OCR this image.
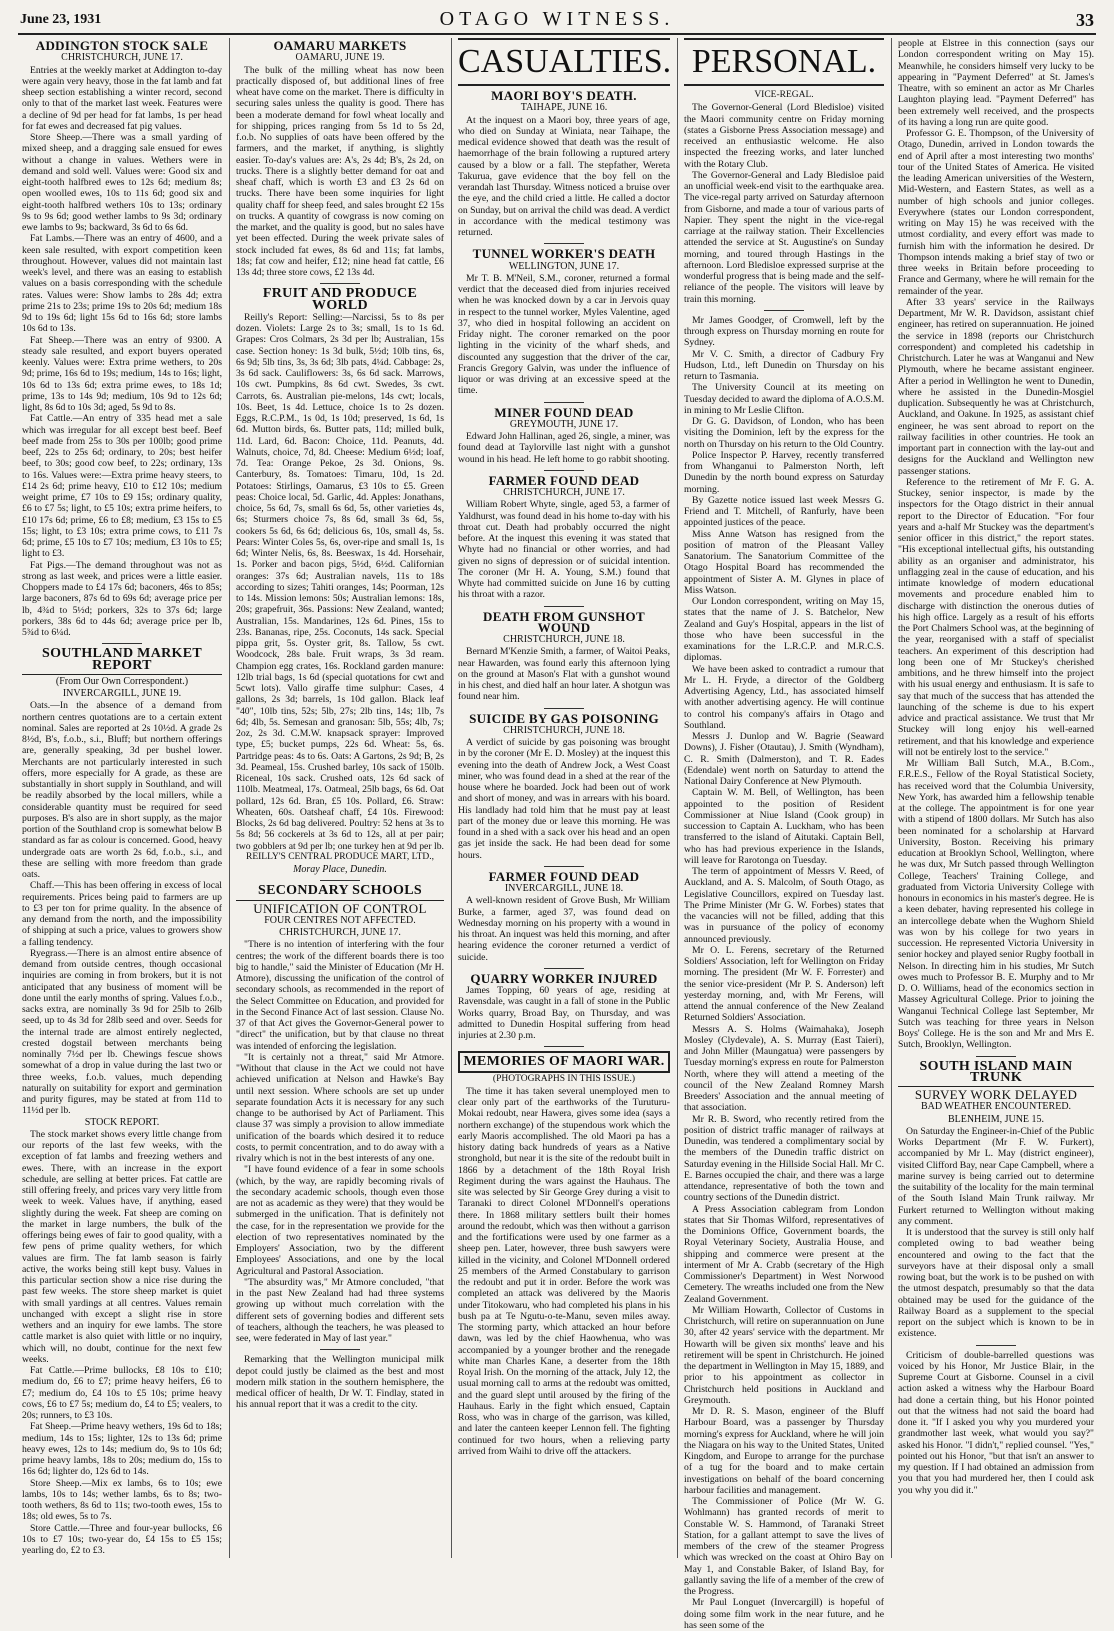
June 23, 1931	OTAGO WITNESS.	33
ADDINGTON STOCK SALE
CHRISTCHURCH, JUNE 17.

Entries at the weekly market at Addington to-day were again very heavy, those in the fat lamb and fat sheep section establishing a winter record, second only to that of the market last week. Features were a decline of 9d per head for fat lambs, 1s per head for fat ewes and decreased fat pig values.

Store Sheep.—There was a small yarding of mixed sheep, and a dragging sale ensued for ewes without a change in values. Wethers were in demand and sold well. Values were: Good six and eight-tooth halfbred ewes to 12s 6d; medium 8s; open woolled ewes, 10s to 11s 6d; good six and eight-tooth halfbred wethers 10s to 13s; ordinary 9s to 9s 6d; good wether lambs to 9s 3d; ordinary ewe lambs to 9s; backward, 3s 6d to 6s 6d.

Fat Lambs.—There was an entry of 4600, and a keen sale resulted, with export competition keen throughout. However, values did not maintain last week's level, and there was an easing to establish values on a basis corresponding with the schedule rates. Values were: Show lambs to 28s 4d; extra prime 21s to 23s; prime 19s to 20s 6d; medium 18s 9d to 19s 6d; light 15s 6d to 16s 6d; store lambs 10s 6d to 13s.

Fat Sheep.—There was an entry of 9300. A steady sale resulted, and export buyers operated keenly. Values were: Extra prime wethers, to 20s 9d; prime, 16s 6d to 19s; medium, 14s to 16s; light, 10s 6d to 13s 6d; extra prime ewes, to 18s 1d; prime, 13s to 14s 9d; medium, 10s 9d to 12s 6d; light, 8s 6d to 10s 3d; aged, 5s 9d to 8s.

Fat Cattle.—An entry of 335 head met a sale which was irregular for all except best beef. Beef beef made from 25s to 30s per 100lb; good prime beef, 22s to 25s 6d; ordinary, to 20s; best heifer beef, to 30s; good cow beef, to 22s; ordinary, 13s to 16s. Values were:—Extra prime heavy steers, to £14 2s 6d; prime heavy, £10 to £12 10s; medium weight prime, £7 10s to £9 15s; ordinary quality, £6 to £7 5s; light, to £5 10s; extra prime heifers, to £10 17s 6d; prime, £6 to £8; medium, £3 15s to £5 15s; light, to £3 10s; extra prime cows, to £11 7s 6d; prime, £5 10s to £7 10s; medium, £3 10s to £5; light to £3.

Fat Pigs.—The demand throughout was not as strong as last week, and prices were a little easier. Choppers made to £4 17s 6d; baconers, 46s to 85s; large baconers, 87s 6d to 69s 6d; average price per lb, 4¾d to 5½d; porkers, 32s to 37s 6d; large porkers, 38s 6d to 44s 6d; average price per lb, 5¾d to 6¼d.

SOUTHLAND MARKET REPORT
(From Our Own Correspondent.)
INVERCARGILL, JUNE 19.

Oats.—In the absence of a demand from northern centres quotations are to a certain extent nominal. Sales are reported at 2s 10½d. A grade 2s 8½d, B's, f.o.b., s.i., Bluff; but northern offerings are, generally speaking, 3d per bushel lower. Merchants are not particularly interested in such offers, more especially for A grade, as these are substantially in short supply in Southland, and will be readily absorbed by the local millers, while a considerable quantity must be required for seed purposes. B's also are in short supply, as the major portion of the Southland crop is somewhat below B standard as far as colour is concerned. Good, heavy undergrade oats are worth 2s 6d, f.o.b., s.i., and these are selling with more freedom than grade oats.

Chaff.—This has been offering in excess of local requirements. Prices being paid to farmers are up to £3 per ton for prime quality. In the absence of any demand from the north, and the impossibility of shipping at such a price, values to growers show a falling tendency.

Ryegrass.—There is an almost entire absence of demand from outside centres, though occasional inquiries are coming in from brokers, but it is not anticipated that any business of moment will be done until the early months of spring. Values f.o.b., sacks extra, are nominally 3s 9d for 25lb to 26lb seed, up to 4s 3d for 28lb seed and over. Seeds for the internal trade are almost entirely neglected, crested dogstail between merchants being nominally 7½d per lb. Chewings fescue shows somewhat of a drop in value during the last two or three weeks, f.o.b. values, much depending naturally on suitability for export and germination and purity figures, may be stated at from 11d to 11½d per lb.

STOCK REPORT.

The stock market shows every little change from our reports of the last few weeks, with the exception of fat lambs and freezing wethers and ewes. There, with an increase in the export schedule, are selling at better prices. Fat cattle are still offering freely, and prices vary very little from week to week. Values have, if anything, eased slightly during the week. Fat sheep are coming on the market in large numbers, the bulk of the offerings being ewes of fair to good quality, with a few pens of prime quality wethers, for which values are firm. The fat lamb season is fairly active, the works being still kept busy. Values in this particular section show a nice rise during the past few weeks. The store sheep market is quiet with small yardings at all centres. Values remain unchanged with except a slight rise in store wethers and an inquiry for ewe lambs. The store cattle market is also quiet with little or no inquiry, which will, no doubt, continue for the next few weeks.

Fat Cattle.—Prime bullocks, £8 10s to £10; medium do, £6 to £7; prime heavy heifers, £6 to £7; medium do, £4 10s to £5 10s; prime heavy cows, £6 to £7 5s; medium do, £4 to £5; vealers, to 20s; runners, to £3 10s.

Fat Sheep.—Prime heavy wethers, 19s 6d to 18s; medium, 14s to 15s; lighter, 12s to 13s 6d; prime heavy ewes, 12s to 14s; medium do, 9s to 10s 6d; prime heavy lambs, 18s to 20s; medium do, 15s to 16s 6d; lighter do, 12s 6d to 14s.

Store Sheep.—Mix ex lambs, 6s to 10s; ewe lambs, 10s to 14s; wether lambs, 6s to 8s; two-tooth wethers, 8s 6d to 11s; two-tooth ewes, 15s to 18s; old ewes, 5s to 7s.

Store Cattle.—Three and four-year bullocks, £6 10s to £7 10s; two-year do, £4 15s to £5 15s; yearling do, £2 to £3.

OAMARU MARKETS
OAMARU, JUNE 19.

The bulk of the milling wheat has now been practically disposed of, but additional lines of free wheat have come on the market. There is difficulty in securing sales unless the quality is good. There has been a moderate demand for fowl wheat locally and for shipping, prices ranging from 5s 1d to 5s 2d, f.o.b. No supplies of oats have been offered by the farmers, and the market, if anything, is slightly easier. To-day's values are: A's, 2s 4d; B's, 2s 2d, on trucks. There is a slightly better demand for oat and sheaf chaff, which is worth £3 and £3 2s 6d on trucks. There have been some inquiries for light quality chaff for sheep feed, and sales brought £2 15s on trucks. A quantity of cowgrass is now coming on the market, and the quality is good, but no sales have yet been effected. During the week private sales of stock included fat ewes, 8s 6d and 11s; fat lambs, 18s; fat cow and heifer, £12; nine head fat cattle, £6 13s 4d; three store cows, £2 13s 4d.

FRUIT AND PRODUCE WORLD

Reilly's Report: Selling:—Narcissi, 5s to 8s per dozen. Violets: Large 2s to 3s; small, 1s to 1s 6d. Grapes: Cros Colmars, 2s 3d per lb; Australian, 15s case. Section honey: 1s 3d bulk, 5½d; 10lb tins, 6s, 6s 9d; 5lb tins, 3s, 3s 6d; 3lb pats, 4¼d. Cabbage: 2s, 3s 6d sack. Cauliflowers: 3s, 6s 6d sack. Marrows, 10s cwt. Pumpkins, 8s 6d cwt. Swedes, 3s cwt. Carrots, 6s. Australian pie-melons, 14s cwt; locals, 10s. Beet, 1s 4d. Lettuce, choice 1s to 2s dozen. Eggs, R.C.P.M., 1s 0d, 1s 10d; preserved, 1s 6d, 1s 6d. Mutton birds, 6s. Butter pats, 11d; milled bulk, 11d. Lard, 6d. Bacon: Choice, 11d. Peanuts, 4d. Walnuts, choice, 7d, 8d. Cheese: Medium 6½d; loaf, 7d. Tea: Orange Pekoe, 2s 3d. Onions, 9s. Canterbury, 8s. Tomatoes: Timaru, 10d, 1s 2d. Potatoes: Stirlings, Oamarus, £3 10s to £5. Green peas: Choice local, 5d. Garlic, 4d. Apples: Jonathans, choice, 5s 6d, 7s, small 6s 6d, 5s, other varieties 4s, 6s; Sturmers choice 7s, 8s 6d, small 3s 6d, 5s, cookers 5s 6d, 6s 6d; delicious 6s, 10s, small 4s, 5s. Pears: Winter Coles 5s, 6s, over-ripe and small 1s, 1s 6d; Winter Nelis, 6s, 8s. Beeswax, 1s 4d. Horsehair, 1s. Porker and bacon pigs, 5½d, 6½d. Californian oranges: 37s 6d; Australian navels, 11s to 18s according to sizes; Tahiti oranges, 14s; Poorman, 12s to 14s. Mission lemons: 50s; Australian lemons: 18s, 20s; grapefruit, 36s. Passions: New Zealand, wanted; Australian, 15s. Mandarines, 12s 6d. Pines, 15s to 23s. Bananas, ripe, 25s. Coconuts, 14s sack. Special pippa grit, 5s. Oyster grit, 8s. Tallow, 5s cwt. Woodcock, 28s bale. Fruit wraps, 3s 3d ream. Champion egg crates, 16s. Rockland garden manure: 12lb trial bags, 1s 6d (special quotations for cwt and 5cwt lots). Vallo giraffe time sulphur: Cases, 4 gallons, 2s 3d; barrels, 1s 10d gallon. Black leaf "40", 10lb tins, 52s; 5lb, 27s; 2lb tins, 14s; 1lb, 7s 6d; 4lb, 5s. Semesan and granosan: 5lb, 55s; 4lb, 7s; 2oz, 2s 3d. C.M.W. knapsack sprayer: Improved type, £5; bucket pumps, 22s 6d. Wheat: 5s, 6s. Partridge peas: 4s to 6s. Oats: A Gartons, 2s 9d; B, 2s 3d. Peameal, 15s. Crushed barley, 10s sack of 150lb. Riceneal, 10s sack. Crushed oats, 12s 6d sack of 110lb. Meatmeal, 17s. Oatmeal, 25lb bags, 6s 6d. Oat pollard, 12s 6d. Bran, £5 10s. Pollard, £6. Straw: Wheaten, 60s. Oatsheaf chaff, £4 10s. Firewood: Blocks, 2s 6d bag delivered. Poultry: 52 hens at 3s to 5s 8d; 56 cockerels at 3s 6d to 12s, all at per pair; two gobblers at 9d per lb; one turkey hen at 9d per lb.

REILLY'S CENTRAL PRODUCE MART, LTD.,
Moray Place, Dunedin.
SECONDARY SCHOOLS
UNIFICATION OF CONTROL
FOUR CENTRES NOT AFFECTED.
CHRISTCHURCH, JUNE 17.

"There is no intention of interfering with the four centres; the work of the different boards there is too big to handle," said the Minister of Education (Mr H. Atmore), discussing the unification of the control of secondary schools, as recommended in the report of the Select Committee on Education, and provided for in the Second Finance Act of last session. Clause No. 37 of that Act gives the Governor-General power to "direct" the unification, but by that clause no threat was intended of enforcing the legislation.

"It is certainly not a threat," said Mr Atmore. "Without that clause in the Act we could not have achieved unification at Nelson and Hawke's Bay until next session. Where schools are set up under separate foundation Acts it is necessary for any such change to be authorised by Act of Parliament. This clause 37 was simply a provision to allow immediate unification of the boards which desired it to reduce costs, to permit concentration, and to do away with a rivalry which is not in the best interests of any one.

"I have found evidence of a fear in some schools (which, by the way, are rapidly becoming rivals of the secondary academic schools, though even those are not as academic as they were) that they would be submerged in the unification. That is definitely not the case, for in the representation we provide for the election of two representatives nominated by the Employers' Association, two by the different Employees' Associations, and one by the local Agricultural and Pastoral Association.

"The absurdity was," Mr Atmore concluded, "that in the past New Zealand had had three systems growing up without much correlation with the different sets of governing bodies and different sets of teachers, although the teachers, he was pleased to see, were federated in May of last year."

Remarking that the Wellington municipal milk depot could justly be claimed as the best and most modern milk station in the southern hemisphere, the medical officer of health, Dr W. T. Findlay, stated in his annual report that it was a credit to the city.

CASUALTIES.
MAORI BOY'S DEATH.
TAIHAPE, JUNE 16.

At the inquest on a Maori boy, three years of age, who died on Sunday at Winiata, near Taihape, the medical evidence showed that death was the result of haemorrhage of the brain following a ruptured artery caused by a blow or a fall. The stepfather, Wereta Takurua, gave evidence that the boy fell on the verandah last Thursday. Witness noticed a bruise over the eye, and the child cried a little. He called a doctor on Sunday, but on arrival the child was dead. A verdict in accordance with the medical testimony was returned.

TUNNEL WORKER'S DEATH
WELLINGTON, JUNE 17.

Mr T. B. M'Neil, S.M., coroner, returned a formal verdict that the deceased died from injuries received when he was knocked down by a car in Jervois quay in respect to the tunnel worker, Myles Valentine, aged 37, who died in hospital following an accident on Friday night. The coroner remarked on the poor lighting in the vicinity of the wharf sheds, and discounted any suggestion that the driver of the car, Francis Gregory Galvin, was under the influence of liquor or was driving at an excessive speed at the time.

MINER FOUND DEAD
GREYMOUTH, JUNE 17.

Edward John Hallinan, aged 26, single, a miner, was found dead at Taylorville last night with a gunshot wound in his head. He left home to go rabbit shooting.

FARMER FOUND DEAD
CHRISTCHURCH, JUNE 17.

William Robert Whyte, single, aged 53, a farmer of Yaldhurst, was found dead in his home to-day with his throat cut. Death had probably occurred the night before. At the inquest this evening it was stated that Whyte had no financial or other worries, and had given no signs of depression or of suicidal intention. The coroner (Mr H. A. Young, S.M.) found that Whyte had committed suicide on June 16 by cutting his throat with a razor.

DEATH FROM GUNSHOT WOUND
CHRISTCHURCH, JUNE 18.

Bernard M'Kenzie Smith, a farmer, of Waitoi Peaks, near Hawarden, was found early this afternoon lying on the ground at Mason's Flat with a gunshot wound in his chest, and died half an hour later. A shotgun was found near him.

SUICIDE BY GAS POISONING
CHRISTCHURCH, JUNE 18.

A verdict of suicide by gas poisoning was brought in by the coroner (Mr E. D. Mosley) at the inquest this evening into the death of Andrew Jock, a West Coast miner, who was found dead in a shed at the rear of the house where he boarded. Jock had been out of work and short of money, and was in arrears with his board. His landlady had told him that he must pay at least part of the money due or leave this morning. He was found in a shed with a sack over his head and an open gas jet inside the sack. He had been dead for some hours.

FARMER FOUND DEAD
INVERCARGILL, JUNE 18.

A well-known resident of Grove Bush, Mr William Burke, a farmer, aged 37, was found dead on Wednesday morning on his property with a wound in his throat. An inquest was held this morning, and after hearing evidence the coroner returned a verdict of suicide.

QUARRY WORKER INJURED

James Topping, 60 years of age, residing at Ravensdale, was caught in a fall of stone in the Public Works quarry, Broad Bay, on Thursday, and was admitted to Dunedin Hospital suffering from head injuries at 2.30 p.m.

MEMORIES OF MAORI WAR.
(PHOTOGRAPHS IN THIS ISSUE.)

The time it has taken several unemployed men to clear only part of the earthworks of the Turuturu-Mokai redoubt, near Hawera, gives some idea (says a northern exchange) of the stupendous work which the early Maoris accomplished. The old Maori pa has a history dating back hundreds of years as a Native stronghold, but near it is the site of the redoubt built in 1866 by a detachment of the 18th Royal Irish Regiment during the wars against the Hauhaus. The site was selected by Sir George Grey during a visit to Taranaki to direct Colonel M'Donnell's operations there. In 1868 military settlers built their homes around the redoubt, which was then without a garrison and the fortifications were used by one farmer as a sheep pen. Later, however, three bush sawyers were killed in the vicinity, and Colonel M'Donnell ordered 25 members of the Armed Constabulary to garrison the redoubt and put it in order. Before the work was completed an attack was delivered by the Maoris under Titokowaru, who had completed his plans in his bush pa at Te Ngutu-o-te-Manu, seven miles away. The storming party, which attacked an hour before dawn, was led by the chief Haowhenua, who was accompanied by a younger brother and the renegade white man Charles Kane, a deserter from the 18th Royal Irish. On the morning of the attack, July 12, the usual morning call to arms at the redoubt was omitted, and the guard slept until aroused by the firing of the Hauhaus. Early in the fight which ensued, Captain Ross, who was in charge of the garrison, was killed, and later the canteen keeper Lennon fell. The fighting continued for two hours, when a relieving party arrived from Waihi to drive off the attackers.

PERSONAL.
VICE-REGAL.

The Governor-General (Lord Bledisloe) visited the Maori community centre on Friday morning (states a Gisborne Press Association message) and received an enthusiastic welcome. He also inspected the freezing works, and later lunched with the Rotary Club.

The Governor-General and Lady Bledisloe paid an unofficial week-end visit to the earthquake area. The vice-regal party arrived on Saturday afternoon from Gisborne, and made a tour of various parts of Napier. They spent the night in the vice-regal carriage at the railway station. Their Excellencies attended the service at St. Augustine's on Sunday morning, and toured through Hastings in the afternoon. Lord Bledisloe expressed surprise at the wonderful progress that is being made and the self-reliance of the people. The visitors will leave by train this morning.

Mr James Goodger, of Cromwell, left by the through express on Thursday morning en route for Sydney.

Mr V. C. Smith, a director of Cadbury Fry Hudson, Ltd., left Dunedin on Thursday on his return to Tasmania.

The University Council at its meeting on Tuesday decided to award the diploma of A.O.S.M. in mining to Mr Leslie Clifton.

Dr G. G. Davidson, of London, who has been visiting the Dominion, left by the express for the north on Thursday on his return to the Old Country.

Police Inspector P. Harvey, recently transferred from Whanganui to Palmerston North, left Dunedin by the north bound express on Saturday morning.

By Gazette notice issued last week Messrs G. Friend and T. Mitchell, of Ranfurly, have been appointed justices of the peace.

Miss Anne Watson has resigned from the position of matron of the Pleasant Valley Sanatorium. The Sanatorium Committee of the Otago Hospital Board has recommended the appointment of Sister A. M. Glynes in place of Miss Watson.

Our London correspondent, writing on May 15, states that the name of J. S. Batchelor, New Zealand and Guy's Hospital, appears in the list of those who have been successful in the examinations for the L.R.C.P. and M.R.C.S. diplomas.

We have been asked to contradict a rumour that Mr L. H. Fryde, a director of the Goldberg Advertising Agency, Ltd., has associated himself with another advertising agency. He will continue to control his company's affairs in Otago and Southland.

Messrs J. Dunlop and W. Bagrie (Seaward Downs), J. Fisher (Otautau), J. Smith (Wyndham), C. R. Smith (Dalmerston), and T. R. Eades (Edendale) went north on Saturday to attend the National Dairy Conference at New Plymouth.

Captain W. M. Bell, of Wellington, has been appointed to the position of Resident Commissioner at Niue Island (Cook group) in succession to Captain A. Luckham, who has been transferred to the island of Aitutaki. Captain Bell, who has had previous experience in the Islands, will leave for Rarotonga on Tuesday.

The term of appointment of Messrs V. Reed, of Auckland, and A. S. Malcolm, of South Otago, as Legislative Councillors, expired on Tuesday last. The Prime Minister (Mr G. W. Forbes) states that the vacancies will not be filled, adding that this was in pursuance of the policy of economy announced previously.

Mr O. L. Ferens, secretary of the Returned Soldiers' Association, left for Wellington on Friday morning. The president (Mr W. F. Forrester) and the senior vice-president (Mr P. S. Anderson) left yesterday morning, and, with Mr Ferens, will attend the annual conference of the New Zealand Returned Soldiers' Association.

Messrs A. S. Holms (Waimahaka), Joseph Mosley (Clydevale), A. S. Murray (East Taieri), and John Miller (Maungatua) were passengers by Tuesday morning's express en route for Palmerston North, where they will attend a meeting of the council of the New Zealand Romney Marsh Breeders' Association and the annual meeting of that association.

Mr R. B. Sword, who recently retired from the position of district traffic manager of railways at Dunedin, was tendered a complimentary social by the members of the Dunedin traffic district on Saturday evening in the Hillside Social Hall. Mr C. E. Barnes occupied the chair, and there was a large attendance, representative of both the town and country sections of the Dunedin district.

A Press Association cablegram from London states that Sir Thomas Wilford, representatives of the Dominions Office, Government boards, the Royal Veterinary Society, Australia House, and shipping and commerce were present at the interment of Mr A. Crabb (secretary of the High Commissioner's Department) in West Norwood Cemetery. The wreaths included one from the New Zealand Government.

Mr William Howarth, Collector of Customs in Christchurch, will retire on superannuation on June 30, after 42 years' service with the department. Mr Howarth will be given six months' leave and his retirement will be spent in Christchurch. He joined the department in Wellington in May 15, 1889, and prior to his appointment as collector in Christchurch held positions in Auckland and Greymouth.

Mr D. R. S. Mason, engineer of the Bluff Harbour Board, was a passenger by Thursday morning's express for Auckland, where he will join the Niagara on his way to the United States, United Kingdom, and Europe to arrange for the purchase of a tug for the board and to make certain investigations on behalf of the board concerning harbour facilities and management.

The Commissioner of Police (Mr W. G. Wohlmann) has granted records of merit to Constable W. S. Hammond, of Taranaki Street Station, for a gallant attempt to save the lives of members of the crew of the steamer Progress which was wrecked on the coast at Ohiro Bay on May 1, and Constable Baker, of Island Bay, for gallantly saving the life of a member of the crew of the Progress.

Mr Paul Longuet (Invercargill) is hopeful of doing some film work in the near future, and he has seen some of the

people at Elstree in this connection (says our London correspondent writing on May 15). Meanwhile, he considers himself very lucky to be appearing in "Payment Deferred" at St. James's Theatre, with so eminent an actor as Mr Charles Laughton playing lead. "Payment Deferred" has been extremely well received, and the prospects of its having a long run are quite good.

Professor G. E. Thompson, of the University of Otago, Dunedin, arrived in London towards the end of April after a most interesting two months' tour of the United States of America. He visited the leading American universities of the Western, Mid-Western, and Eastern States, as well as a number of high schools and junior colleges. Everywhere (states our London correspondent, writing on May 15) he was received with the utmost cordiality, and every effort was made to furnish him with the information he desired. Dr Thompson intends making a brief stay of two or three weeks in Britain before proceeding to France and Germany, where he will remain for the remainder of the year.

After 33 years' service in the Railways Department, Mr W. R. Davidson, assistant chief engineer, has retired on superannuation. He joined the service in 1898 (reports our Christchurch correspondent) and completed his cadetship in Christchurch. Later he was at Wanganui and New Plymouth, where he became assistant engineer. After a period in Wellington he went to Dunedin, where he assisted in the Dunedin-Mosgiel duplication. Subsequently he was at Christchurch, Auckland, and Oakune. In 1925, as assistant chief engineer, he was sent abroad to report on the railway facilities in other countries. He took an important part in connection with the lay-out and designs for the Auckland and Wellington new passenger stations.

Reference to the retirement of Mr F. G. A. Stuckey, senior inspector, is made by the inspectors for the Otago district in their annual report to the Director of Education. "For four years and a-half Mr Stuckey was the department's senior officer in this district," the report states. "His exceptional intellectual gifts, his outstanding ability as an organiser and administrator, his unflagging zeal in the cause of education, and his intimate knowledge of modern educational movements and procedure enabled him to discharge with distinction the onerous duties of his high office. Largely as a result of his efforts the Port Chalmers School was, at the beginning of the year, reorganised with a staff of specialist teachers. An experiment of this description had long been one of Mr Stuckey's cherished ambitions, and he threw himself into the project with his usual energy and enthusiasm. It is safe to say that much of the success that has attended the launching of the scheme is due to his expert advice and practical assistance. We trust that Mr Stuckey will long enjoy his well-earned retirement, and that his knowledge and experience will not be entirely lost to the service."

Mr William Ball Sutch, M.A., B.Com., F.R.E.S., Fellow of the Royal Statistical Society, has received word that the Columbia University, New York, has awarded him a fellowship tenable at the college. The appointment is for one year with a stipend of 1800 dollars. Mr Sutch has also been nominated for a scholarship at Harvard University, Boston. Receiving his primary education at Brooklyn School, Wellington, where he was dux, Mr Sutch passed through Wellington College, Teachers' Training College, and graduated from Victoria University College with honours in economics in his master's degree. He is a keen debater, having represented his college in an intercollege debate when the Wughorn Shield was won by his college for two years in succession. He represented Victoria University in senior hockey and played senior Rugby football in Nelson. In directing him in his studies, Mr Sutch owes much to Professor B. E. Murphy and to Mr D. O. Williams, head of the economics section in Massey Agricultural College. Prior to joining the Wanganui Technical College last September, Mr Sutch was teaching for three years in Nelson Boys' College. He is the son and Mr and Mrs E. Sutch, Brooklyn, Wellington.

SOUTH ISLAND MAIN TRUNK
SURVEY WORK DELAYED
BAD WEATHER ENCOUNTERED.
BLENHEIM, JUNE 15.

On Saturday the Engineer-in-Chief of the Public Works Department (Mr F. W. Furkert), accompanied by Mr L. May (district engineer), visited Clifford Bay, near Cape Campbell, where a marine survey is being carried out to determine the suitability of the locality for the main terminal of the South Island Main Trunk railway. Mr Furkert returned to Wellington without making any comment.

It is understood that the survey is still only half completed owing to bad weather being encountered and owing to the fact that the surveyors have at their disposal only a small rowing boat, but the work is to be pushed on with the utmost despatch, presumably so that the data obtained may be used for the guidance of the Railway Board as a supplement to the special report on the subject which is known to be in existence.

Criticism of double-barrelled questions was voiced by his Honor, Mr Justice Blair, in the Supreme Court at Gisborne. Counsel in a civil action asked a witness why the Harbour Board had done a certain thing, but his Honor pointed out that the witness had not said the board had done it. "If I asked you why you murdered your grandmother last week, what would you say?" asked his Honor. "I didn't," replied counsel. "Yes," pointed out his Honor, "but that isn't an answer to my question. If I had obtained an admission from you that you had murdered her, then I could ask you why you did it."
